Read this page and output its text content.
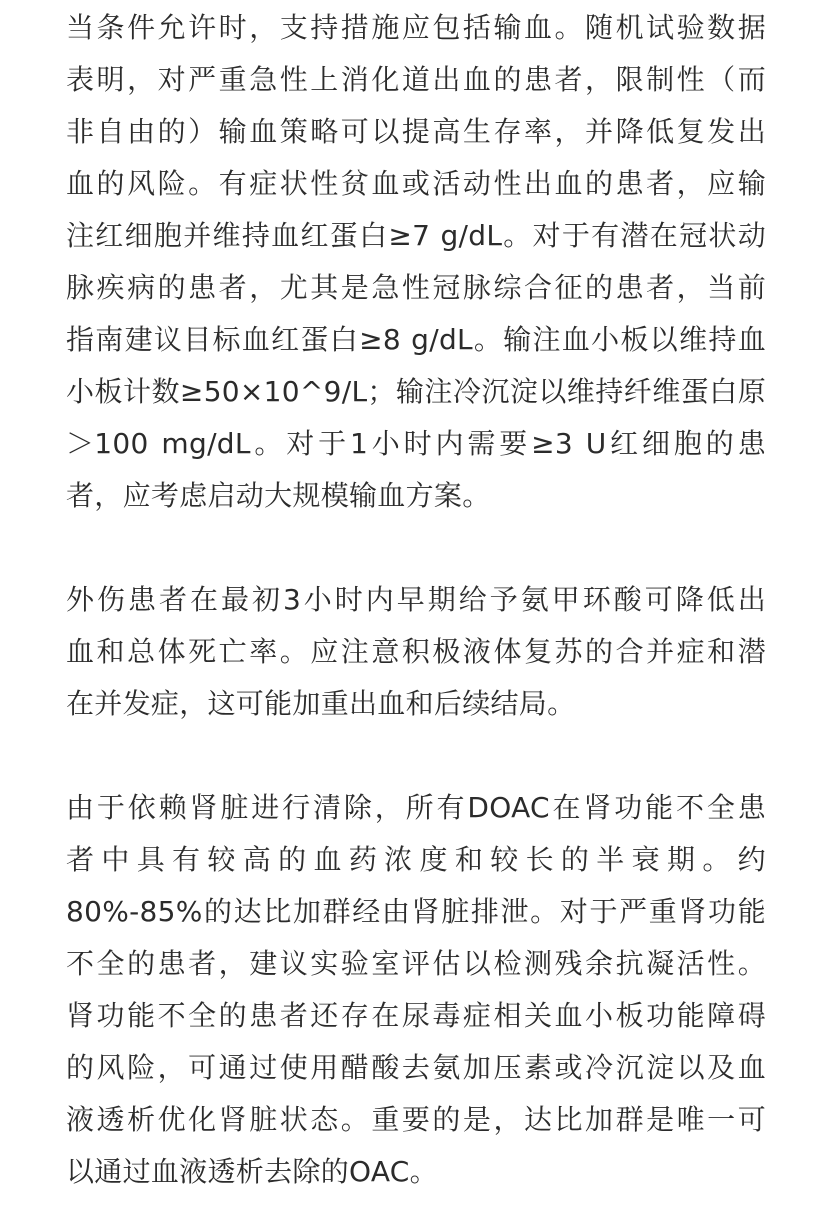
当条件允许时，支持措施应包括输血。随机试验数据
表明，对严重急性上消化道出血的患者，限制性（而
非自由的）输血策略可以提高生存率，并降低复发出
血的风险。有症状性贫血或活动性出血的患者，应输
注红细胞并维持血红蛋白≥7 g/dL。对于有潜在冠状动
脉疾病的患者，尤其是急性冠脉综合征的患者，当前
指南建议目标血红蛋白≥8 g/dL。输注血小板以维持血
小板计数≥50×10^9/L；输注冷沉淀以维持纤维蛋白原
＞100 mg/dL。对于1小时内需要≥3 U红细胞的患
者，应考虑启动大规模输血方案。
外伤患者在最初3小时内早期给予氨甲环酸可降低出
血和总体死亡率。应注意积极液体复苏的合并症和潜
在并发症，这可能加重出血和后续结局。
由于依赖肾脏进行清除，所有DOAC在肾功能不全患
者中具有较高的血药浓度和较长的半衰期。约
80%-85%的达比加群经由肾脏排泄。对于严重肾功能
不全的患者，建议实验室评估以检测残余抗凝活性。
肾功能不全的患者还存在尿毒症相关血小板功能障碍
的风险，可通过使用醋酸去氨加压素或冷沉淀以及血
液透析优化肾脏状态。重要的是，达比加群是唯一可
以通过血液透析去除的OAC。
